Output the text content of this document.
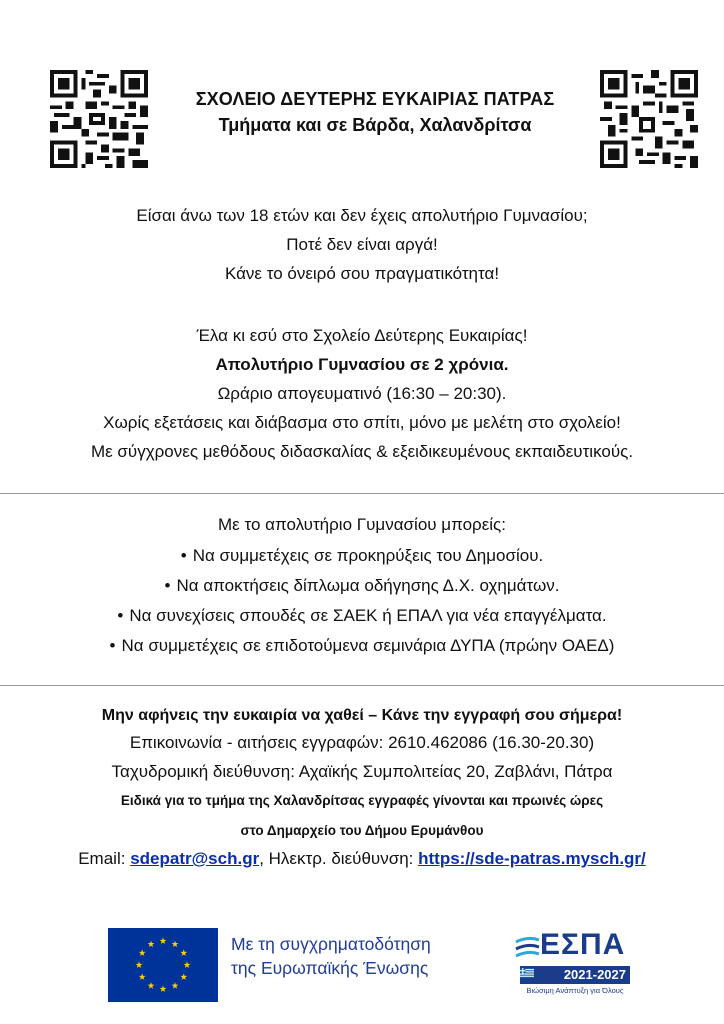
ΣΧΟΛΕΙΟ ΔΕΥΤΕΡΗΣ ΕΥΚΑΙΡΙΑΣ ΠΑΤΡΑΣ
Τμήματα και σε Βάρδα, Χαλανδρίτσα

Είσαι άνω των 18 ετών και δεν έχεις απολυτήριο Γυμνασίου;

Ποτέ δεν είναι αργά!

Κάνε το όνειρό σου πραγματικότητα!

Έλα κι εσύ στο Σχολείο Δεύτερης Ευκαιρίας!

Απολυτήριο Γυμνασίου σε 2 χρόνια.

Ωράριο απογευματινό (16:30 – 20:30).

Χωρίς εξετάσεις και διάβασμα στο σπίτι, μόνο με μελέτη στο σχολείο!

Με σύγχρονες μεθόδους διδασκαλίας & εξειδικευμένους εκπαιδευτικούς.

Με το απολυτήριο Γυμνασίου μπορείς:

• Να συμμετέχεις σε προκηρύξεις του Δημοσίου.
• Να αποκτήσεις δίπλωμα οδήγησης Δ.Χ. οχημάτων.
• Να συνεχίσεις σπουδές σε ΣΑΕΚ ή ΕΠΑΛ για νέα επαγγέλματα.
• Να συμμετέχεις σε επιδοτούμενα σεμινάρια ΔΥΠΑ (πρώην ΟΑΕΔ)

Μην αφήνεις την ευκαιρία να χαθεί – Κάνε την εγγραφή σου σήμερα!

Επικοινωνία - αιτήσεις εγγραφών: 2610.462086 (16.30-20.30)

Ταχυδρομική διεύθυνση: Αχαϊκής Συμπολιτείας 20, Ζαβλάνι, Πάτρα

Ειδικά για το τμήμα της Χαλανδρίτσας εγγραφές γίνονται και πρωινές ώρες

στο Δημαρχείο του Δήμου Ερυμάνθου

Email: sdepatr@sch.gr, Ηλεκτρ. διεύθυνση: https://sde-patras.mysch.gr/

Με τη συγχρηματοδότηση
της Ευρωπαϊκής Ένωσης
ΕΣΠΑ
2021-2027
Βιώσιμη Ανάπτυξη για Όλους
